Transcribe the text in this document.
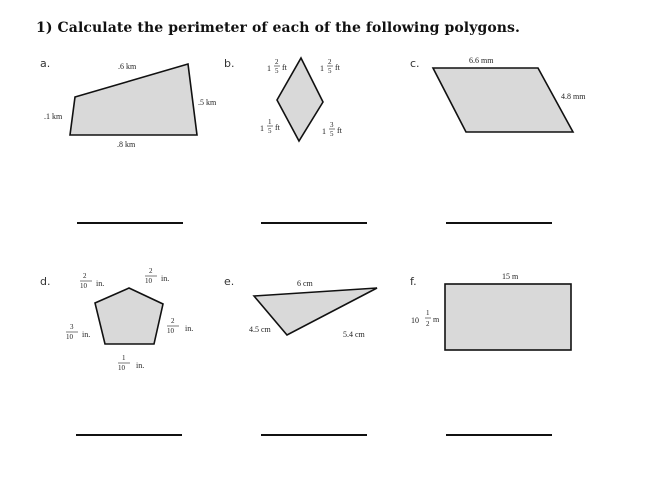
1) Calculate the perimeter of each of the following polygons.
a.	b.	c.
d.	e.	f.
.6 km
.5 km
.1 km
.8 km
1
2
5 ft	1
2
5 ft
1
1
5 ft	1
3
5 ft
6.6 mm
4.8 mm
2
10 in.
2
10 in.
2
10 in.
3
10 in.
1
10 in.
6 cm
4.5 cm
5.4 cm
15 m
10
1
2 m
